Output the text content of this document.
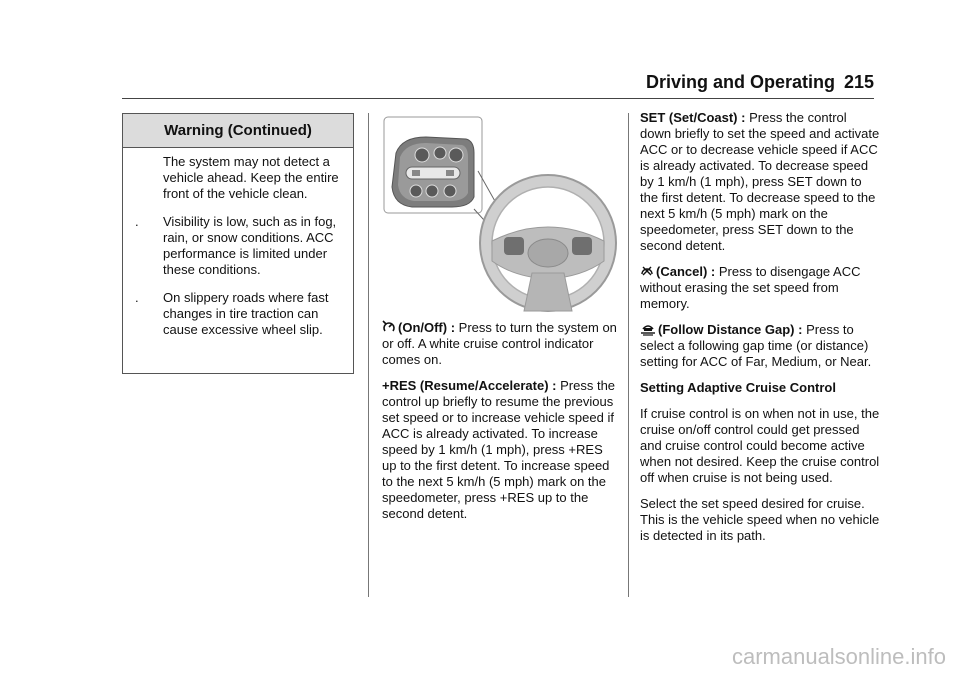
Driving and Operating 215
Warning (Continued)
The system may not detect a vehicle ahead. Keep the entire front of the vehicle clean.
.	Visibility is low, such as in fog, rain, or snow conditions. ACC performance is limited under these conditions.
.	On slippery roads where fast changes in tire traction can cause excessive wheel slip.	(On/Off) : Press to turn the system on or off. A white cruise control indicator comes on.

+RES (Resume/Accelerate) : Press the control up briefly to resume the previous set speed or to increase vehicle speed if ACC is already activated. To increase speed by 1 km/h (1 mph), press +RES up to the first detent. To increase speed to the next 5 km/h (5 mph) mark on the speedometer, press +RES up to the second detent.

SET (Set/Coast) : Press the control down briefly to set the speed and activate ACC or to decrease vehicle speed if ACC is already activated. To decrease speed by 1 km/h (1 mph), press SET down to the first detent. To decrease speed to the next 5 km/h (5 mph) mark on the speedometer, press SET down to the second detent.

(Cancel) : Press to disengage ACC without erasing the set speed from memory.

(Follow Distance Gap) : Press to select a following gap time (or distance) setting for ACC of Far, Medium, or Near.

Setting Adaptive Cruise Control

If cruise control is on when not in use, the cruise on/off control could get pressed and cruise control could become active when not desired. Keep the cruise control off when cruise is not being used.

Select the set speed desired for cruise. This is the vehicle speed when no vehicle is detected in its path.

carmanualsonline.info
